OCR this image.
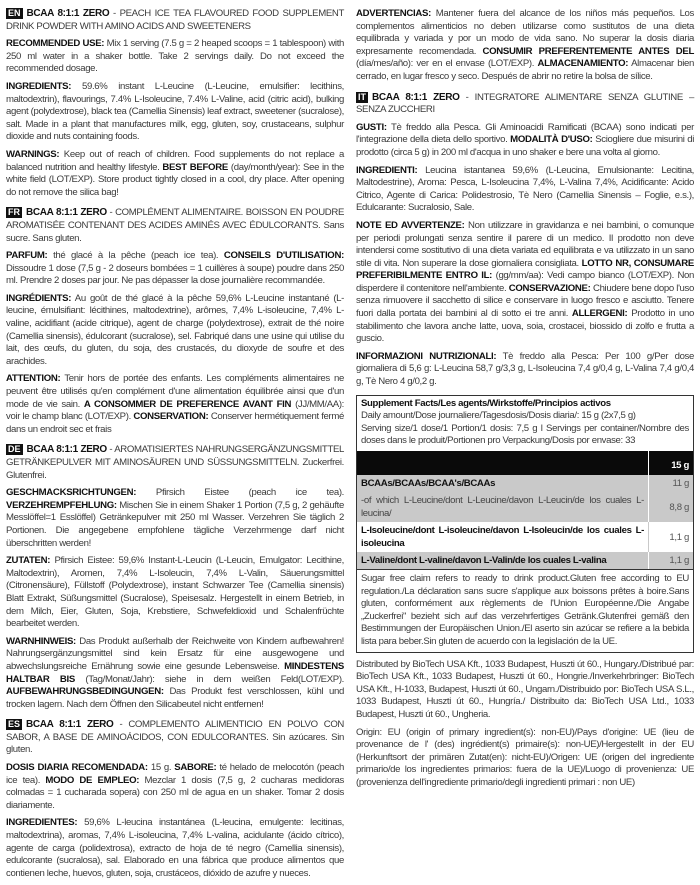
EN BCAA 8:1:1 ZERO - PEACH ICE TEA FLAVOURED FOOD SUPPLEMENT DRINK POWDER WITH AMINO ACIDS AND SWEETENERS

RECOMMENDED USE: Mix 1 serving (7.5 g = 2 heaped scoops = 1 tablespoon) with 250 ml water in a shaker bottle. Take 2 servings daily. Do not exceed the recommended dosage.

INGREDIENTS: 59.6% instant L-Leucine (L-Leucine, emulsifier: lecithins, maltodextrin), flavourings, 7.4% L-Isoleucine, 7.4% L-Valine, acid (citric acid), bulking agent (polydextrose), black tea (Camellia Sinensis) leaf extract, sweetener (sucralose), salt. Made in a plant that manufactures milk, egg, gluten, soy, crustaceans, sulphur dioxide and nuts containing foods.

WARNINGS: Keep out of reach of children. Food supplements do not replace a balanced nutrition and healthy lifestyle. BEST BEFORE (day/month/year): See in the white field (LOT/EXP). Store product tightly closed in a cool, dry place. After opening do not remove the silica bag!

FR BCAA 8:1:1 ZERO - COMPLÉMENT ALIMENTAIRE. BOISSON EN POUDRE AROMATISÉE CONTENANT DES ACIDES AMINÉS AVEC ÉDULCORANTS. Sans sucre. Sans gluten.

PARFUM: thé glacé à la pêche (peach ice tea). CONSEILS D'UTILISATION: Dissoudre 1 dose (7,5 g - 2 doseurs bombées = 1 cuillères à soupe) poudre dans 250 ml. Prendre 2 doses par jour. Ne pas dépasser la dose journalière recommandée.

INGRÉDIENTS: Au goût de thé glacé à la pêche 59,6% L-Leucine instantané (L-leucine, émulsifiant: lécithines, maltodextrine), arômes, 7,4% L-isoleucine, 7,4% L-valine, acidifiant (acide citrique), agent de charge (polydextrose), extrait de thé noire (Camellia sinensis), édulcorant (sucralose), sel. Fabriqué dans une usine qui utilise du lait, des œufs, du gluten, du soja, des crustacés, du dioxyde de soufre et des arachides.

ATTENTION: Tenir hors de portée des enfants. Les compléments alimentaires ne peuvent être utilisés qu'en complément d'une alimentation équilibrée ainsi que d'un mode de vie sain. A CONSOMMER DE PREFERENCE AVANT FIN (JJ/MM/AA): voir le champ blanc (LOT/EXP). CONSERVATION: Conserver hermétiquement fermé dans un endroit sec et frais

DE BCAA 8:1:1 ZERO - AROMATISIERTES NAHRUNGSERGÄNZUNGSMITTEL GETRÄNKEPULVER MIT AMINOSÄUREN UND SÜSSUNGSMITTELN. Zuckerfrei. Glutenfrei.

GESCHMACKSRICHTUNGEN: Pfirsich Eistee (peach ice tea). VERZEHREMPFEHLUNG: Mischen Sie in einem Shaker 1 Portion (7,5 g, 2 gehäufte Messlöffel=1 Esslöffel) Getränkepulver mit 250 ml Wasser. Verzehren Sie täglich 2 Portionen. Die angegebene empfohlene tägliche Verzehrmenge darf nicht überschritten werden!

ZUTATEN: Pfirsich Eistee: 59,6% Instant-L-Leucin (L-Leucin, Emulgator: Lecithine, Maltodextrin), Aromen, 7,4% L-Isoleucin, 7,4% L-Valin, Säuerungsmittel (Citronensäure), Füllstoff (Polydextrose), instant Schwarzer Tee (Camellia sinensis) Blatt Extrakt, Süßungsmittel (Sucralose), Speisesalz. Hergestellt in einem Betrieb, in dem Milch, Eier, Gluten, Soja, Krebstiere, Schwefeldioxid und Schalenfrüchte bearbeitet werden.

WARNHINWEIS: Das Produkt außerhalb der Reichweite von Kindern aufbewahren! Nahrungsergänzungsmittel sind kein Ersatz für eine ausgewogene und abwechslungsreiche Ernährung sowie eine gesunde Lebensweise. MINDESTENS HALTBAR BIS (Tag/Monat/Jahr): siehe in dem weißen Feld(LOT/EXP). AUFBEWAHRUNGSBEDINGUNGEN: Das Produkt fest verschlossen, kühl und trocken lagern. Nach dem Öffnen den Silicabeutel nicht entfernen!

ES BCAA 8:1:1 ZERO - COMPLEMENTO ALIMENTICIO EN POLVO CON SABOR, A BASE DE AMINOÁCIDOS, CON EDULCORANTES. Sin azúcares. Sin gluten.

DOSIS DIARIA RECOMENDADA: 15 g. SABORE: té helado de melocotón (peach ice tea). MODO DE EMPLEO: Mezclar 1 dosis (7,5 g, 2 cucharas medidoras colmadas = 1 cucharada sopera) con 250 ml de agua en un shaker. Tomar 2 dosis diariamente.

INGREDIENTES: 59,6% L-leucina instantánea (L-leucina, emulgente: lecitinas, maltodextrina), aromas, 7,4% L-isoleucina, 7,4% L-valina, acidulante (ácido cítrico), agente de carga (polidextrosa), extracto de hoja de té negro (Camellia sinensis), edulcorante (sucralosa), sal. Elaborado en una fábrica que produce alimentos que contienen leche, huevos, gluten, soja, crustáceos, dióxido de azufre y nueces.

ADVERTENCIAS: Mantener fuera del alcance de los niños más pequeños. Los complementos alimenticios no deben utilizarse como sustitutos de una dieta equilibrada y variada y por un modo de vida sano. No superar la dosis diaria expresamente recomendada. CONSUMIR PREFERENTEMENTE ANTES DEL (día/mes/año): ver en el envase (LOT/EXP). ALMACENAMIENTO: Almacenar bien cerrado, en lugar fresco y seco. Después de abrir no retire la bolsa de sílice.

IT BCAA 8:1:1 ZERO - INTEGRATORE ALIMENTARE SENZA GLUTINE – SENZA ZUCCHERI

GUSTI: Tè freddo alla Pesca. Gli Aminoacidi Ramificati (BCAA) sono indicati per l'integrazione della dieta dello sportivo. MODALITÀ D'USO: Sciogliere due misurini di prodotto (circa 5 g) in 200 ml d'acqua in uno shaker e bere una volta al giorno.

INGREDIENTI: Leucina istantanea 59,6% (L-Leucina, Emulsionante: Lecitina, Maltodestrine), Aroma: Pesca, L-Isoleucina 7,4%, L-Valina 7,4%, Acidificante: Acido Citrico, Agente di Carica: Polidestrosio, Tè Nero (Camellia Sinensis – Foglie, e.s.), Edulcarante: Sucralosio, Sale.

NOTE ED AVVERTENZE: Non utilizzare in gravidanza e nei bambini, o comunque per periodi prolungati senza sentire il parere di un medico. Il prodotto non deve intendersi come sostitutivo di una dieta variata ed equilibrata e va utilizzato in un sano stile di vita. Non superare la dose giornaliera consigliata. LOTTO NR, CONSUMARE PREFERIBILMENTE ENTRO IL: (gg/mm/aa): Vedi campo bianco (LOT/EXP). Non disperdere il contenitore nell'ambiente. CONSERVAZIONE: Chiudere bene dopo l'uso senza rimuovere il sacchetto di silice e conservare in luogo fresco e asciutto. Tenere fuori dalla portata dei bambini al di sotto ei tre anni. ALLERGENI: Prodotto in uno stabilimento che lavora anche latte, uova, soia, crostacei, biossido di zolfo e frutta a guscio.

INFORMAZIONI NUTRIZIONALI: Tè freddo alla Pesca: Per 100 g/Per dose giornaliera di 5,6 g: L-Leucina 58,7 g/3,3 g, L-Isoleucina 7,4 g/0,4 g, L-Valina 7,4 g/0,4 g, Tè Nero 4 g/0,2 g.

Supplement Facts/Les agents/Wirkstoffe/Principios activos
Daily amount/Dose journaliere/Tagesdosis/Dosis diaria/: 15 g (2x7,5 g)
Serving size/1 dose/1 Portion/1 dosis: 7,5 g l Servings per container/Nombre des doses dans le produit/Portionen pro Verpackung/Dosis por envase: 33
	15 g
BCAAs/BCAAs/BCAA's/BCAAs	11 g
-of which L-Leucine/dont L-Leucine/davon L-Leucin/de los cuales L-leucina/	8,8 g
L-Isoleucine/dont L-isoleucine/davon L-Isoleucin/de los cuales L-isoleucina	1,1 g
L-Valine/dont L-valine/davon L-Valin/de los cuales L-valina	1,1 g
Sugar free claim refers to ready to drink product.Gluten free according to EU regulation./La déclaration sans sucre s'applique aux boissons prêtes à boire.Sans gluten, conformément aux règlements de l'Union Européenne./Die Angabe „Zuckerfrei" bezieht sich auf das verzehrfertiges Getränk.Glutenfrei gemäß den Bestimmungen der Europäischen Union./El aserto sin azúcar se refiere a la bebida lista para beber.Sin gluten de acuerdo con la legislación de la UE.

Distributed by BioTech USA Kft., 1033 Budapest, Huszti út 60., Hungary./Distribué par: BioTech USA Kft., 1033 Budapest, Huszti út 60., Hongrie./Inverkehrbringer: BioTech USA Kft., H-1033, Budapest, Huszti út 60., Ungarn./Distribuido por: BioTech USA S.L., 1033 Budapest, Huszti út 60., Hungría./ Distribuito da: BioTech USA Ltd., 1033 Budapest, Huszti út 60., Ungheria.

Origin: EU (origin of primary ingredient(s): non-EU)/Pays d'origine: UE (lieu de provenance de l' (des) ingrédient(s) primaire(s): non-UE)/Hergestellt in der EU (Herkunftsort der primären Zutat(en): nicht-EU)/Origen: UE (origen del ingrediente primario/de los ingredientes primarios: fuera de la UE)/Luogo di provenienza: UE (provenienza dell'ingrediente primario/degli ingredienti primari : non UE)
